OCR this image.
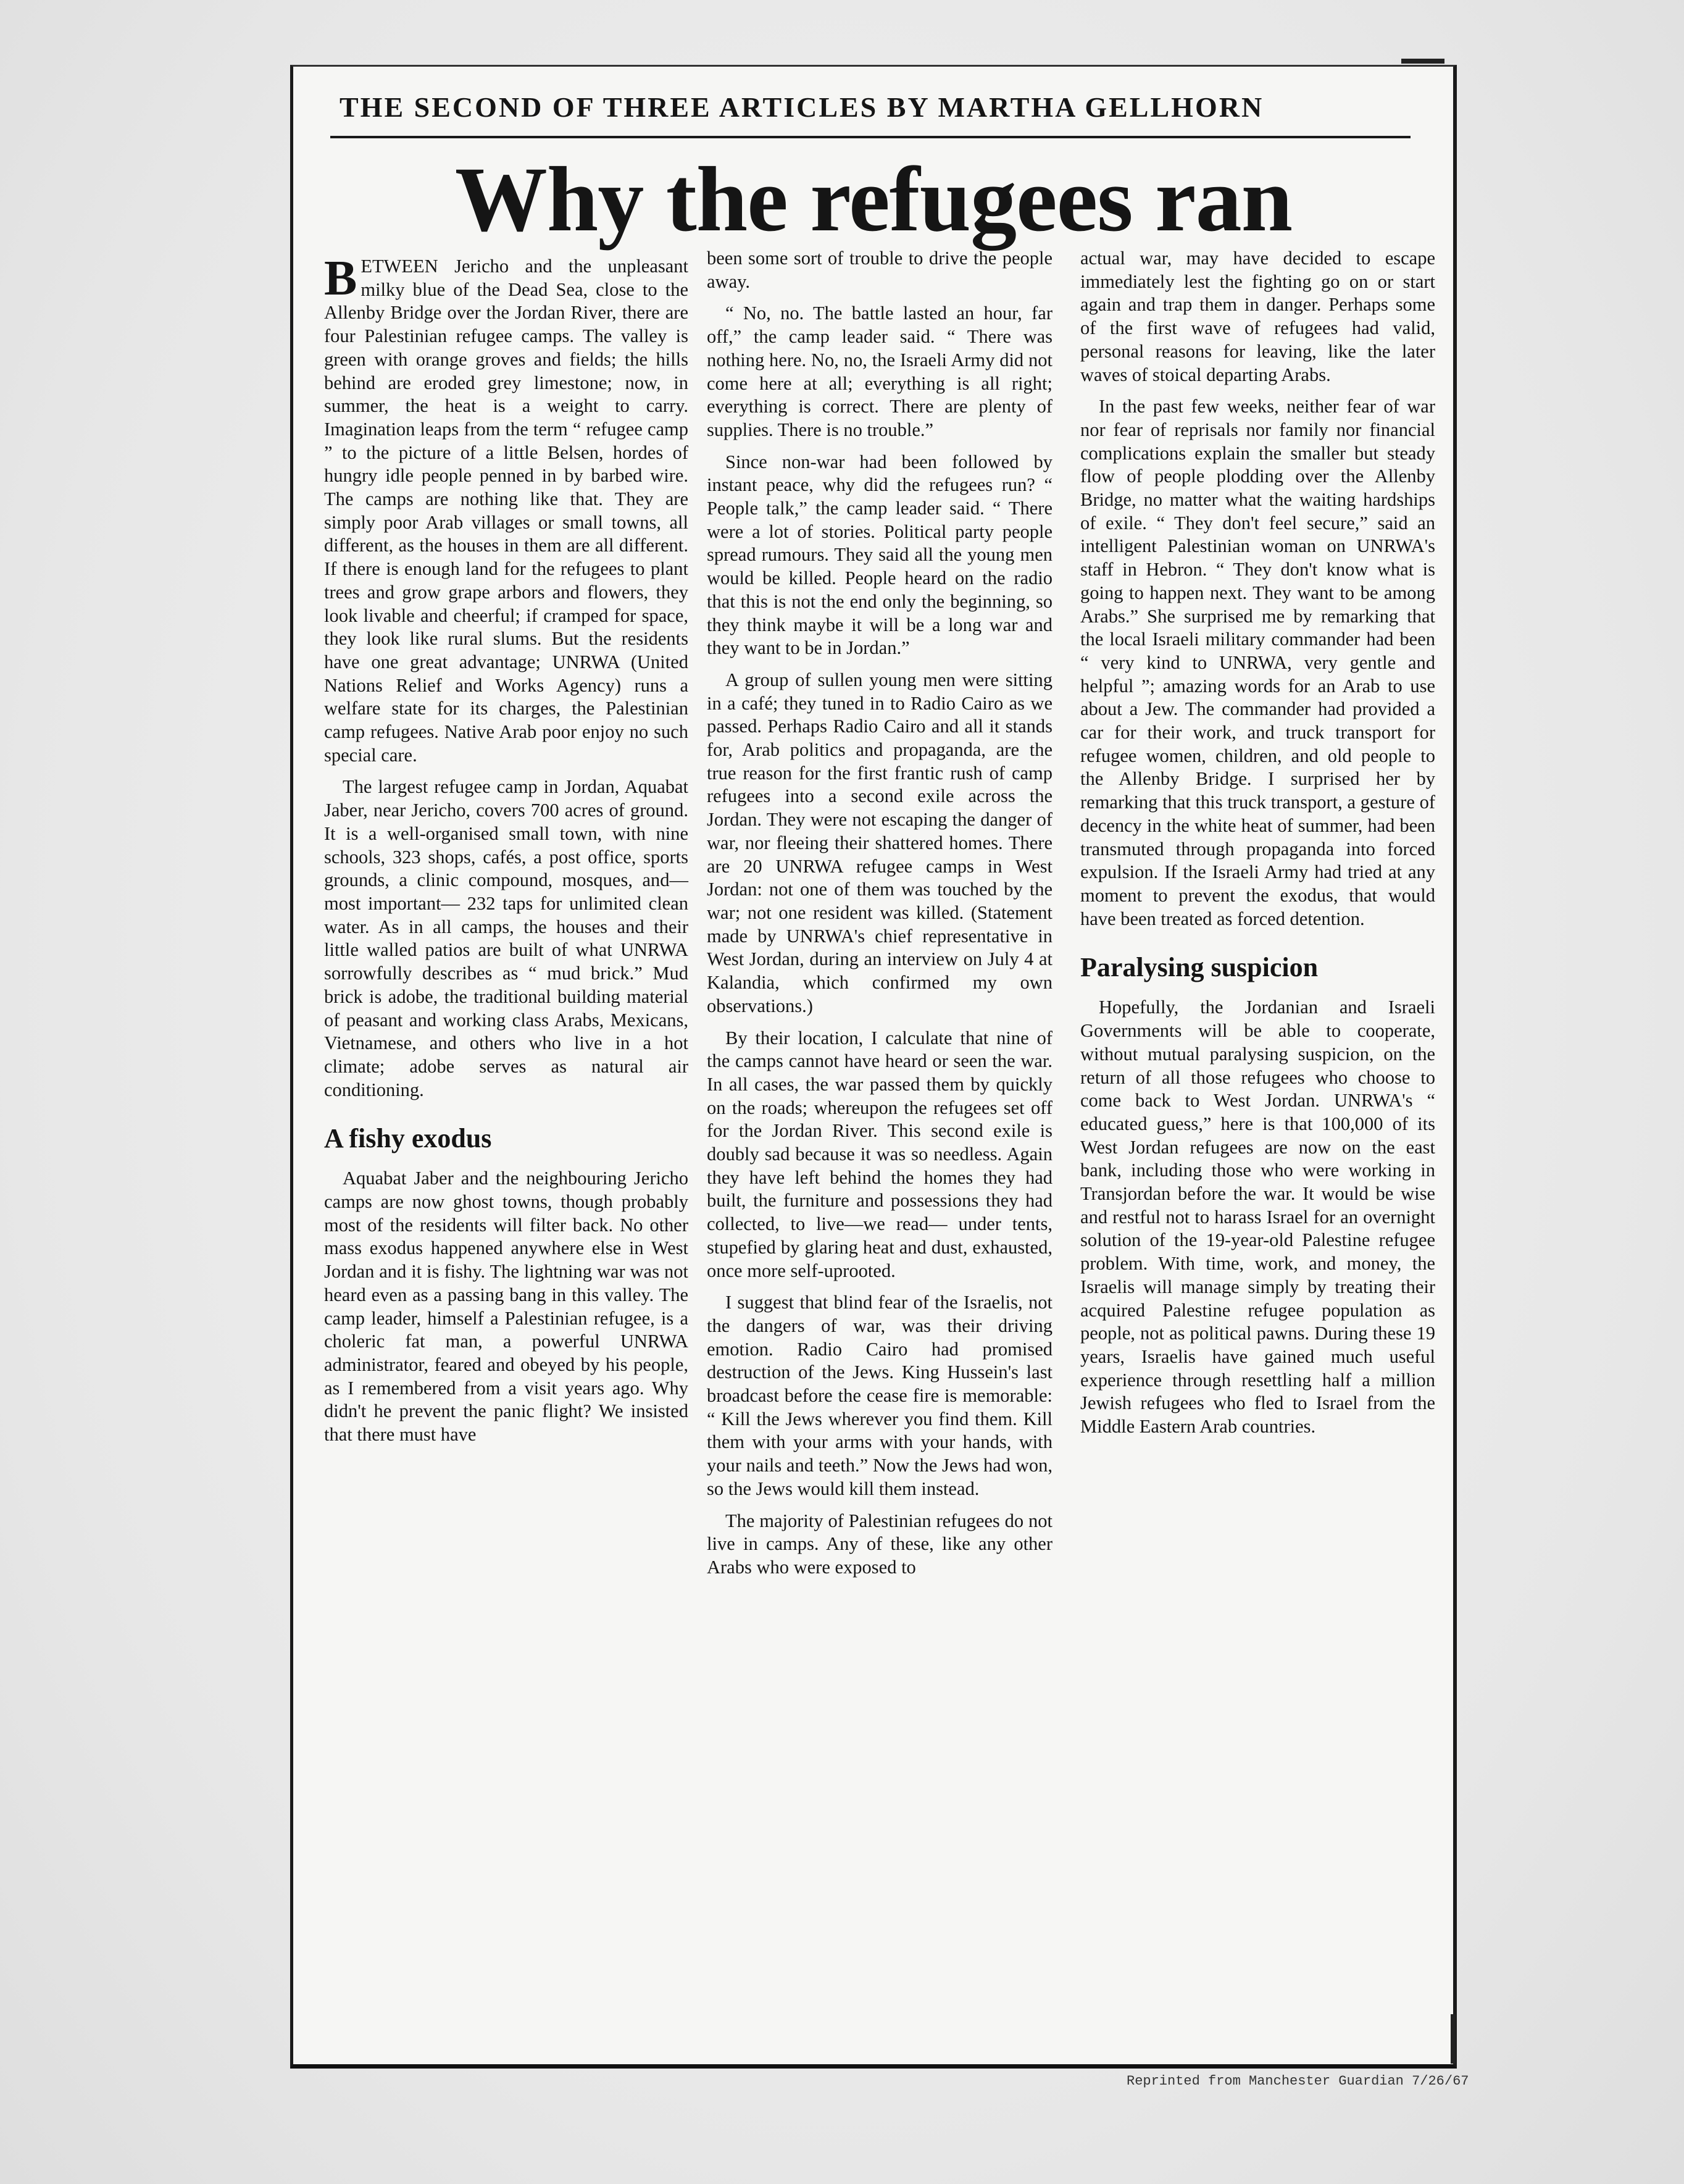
THE SECOND OF THREE ARTICLES BY MARTHA GELLHORN
Why the refugees ran

BETWEEN Jericho and the unpleasant milky blue of the Dead Sea, close to the Allenby Bridge over the Jordan River, there are four Palestinian refugee camps. The valley is green with orange groves and fields; the hills behind are eroded grey limestone; now, in summer, the heat is a weight to carry. Imagination leaps from the term “ refugee camp ” to the picture of a little Belsen, hordes of hungry idle people penned in by barbed wire. The camps are nothing like that. They are simply poor Arab villages or small towns, all different, as the houses in them are all different. If there is enough land for the refugees to plant trees and grow grape arbors and flowers, they look livable and cheerful; if cramped for space, they look like rural slums. But the residents have one great advantage; UNRWA (United Nations Relief and Works Agency) runs a welfare state for its charges, the Palestinian camp refugees. Native Arab poor enjoy no such special care.

The largest refugee camp in Jordan, Aquabat Jaber, near Jericho, covers 700 acres of ground. It is a well-organised small town, with nine schools, 323 shops, cafés, a post office, sports grounds, a clinic compound, mosques, and—most important— 232 taps for unlimited clean water. As in all camps, the houses and their little walled patios are built of what UNRWA sorrowfully describes as “ mud brick.” Mud brick is adobe, the traditional building material of peasant and working class Arabs, Mexicans, Vietnamese, and others who live in a hot climate; adobe serves as natural air conditioning.

A fishy exodus

Aquabat Jaber and the neighbouring Jericho camps are now ghost towns, though probably most of the residents will filter back. No other mass exodus happened anywhere else in West Jordan and it is fishy. The lightning war was not heard even as a passing bang in this valley. The camp leader, himself a Palestinian refugee, is a choleric fat man, a powerful UNRWA administrator, feared and obeyed by his people, as I remembered from a visit years ago. Why didn't he prevent the panic flight? We insisted that there must have

been some sort of trouble to drive the people away.

“ No, no. The battle lasted an hour, far off,” the camp leader said. “ There was nothing here. No, no, the Israeli Army did not come here at all; everything is all right; everything is correct. There are plenty of supplies. There is no trouble.”

Since non-war had been followed by instant peace, why did the refugees run? “ People talk,” the camp leader said. “ There were a lot of stories. Political party people spread rumours. They said all the young men would be killed. People heard on the radio that this is not the end only the beginning, so they think maybe it will be a long war and they want to be in Jordan.”

A group of sullen young men were sitting in a café; they tuned in to Radio Cairo as we passed. Perhaps Radio Cairo and all it stands for, Arab politics and propaganda, are the true reason for the first frantic rush of camp refugees into a second exile across the Jordan. They were not escaping the danger of war, nor fleeing their shattered homes. There are 20 UNRWA refugee camps in West Jordan: not one of them was touched by the war; not one resident was killed. (Statement made by UNRWA's chief representative in West Jordan, during an interview on July 4 at Kalandia, which confirmed my own observations.)

By their location, I calculate that nine of the camps cannot have heard or seen the war. In all cases, the war passed them by quickly on the roads; whereupon the refugees set off for the Jordan River. This second exile is doubly sad because it was so needless. Again they have left behind the homes they had built, the furniture and possessions they had collected, to live—we read— under tents, stupefied by glaring heat and dust, exhausted, once more self-uprooted.

I suggest that blind fear of the Israelis, not the dangers of war, was their driving emotion. Radio Cairo had promised destruction of the Jews. King Hussein's last broadcast before the cease fire is memorable: “ Kill the Jews wherever you find them. Kill them with your arms with your hands, with your nails and teeth.” Now the Jews had won, so the Jews would kill them instead.

The majority of Palestinian refugees do not live in camps. Any of these, like any other Arabs who were exposed to

actual war, may have decided to escape immediately lest the fighting go on or start again and trap them in danger. Perhaps some of the first wave of refugees had valid, personal reasons for leaving, like the later waves of stoical departing Arabs.

In the past few weeks, neither fear of war nor fear of reprisals nor family nor financial complications explain the smaller but steady flow of people plodding over the Allenby Bridge, no matter what the waiting hardships of exile. “ They don't feel secure,” said an intelligent Palestinian woman on UNRWA's staff in Hebron. “ They don't know what is going to happen next. They want to be among Arabs.” She surprised me by remarking that the local Israeli military commander had been “ very kind to UNRWA, very gentle and helpful ”; amazing words for an Arab to use about a Jew. The commander had provided a car for their work, and truck transport for refugee women, children, and old people to the Allenby Bridge. I surprised her by remarking that this truck transport, a gesture of decency in the white heat of summer, had been transmuted through propaganda into forced expulsion. If the Israeli Army had tried at any moment to prevent the exodus, that would have been treated as forced detention.

Paralysing suspicion

Hopefully, the Jordanian and Israeli Governments will be able to cooperate, without mutual paralysing suspicion, on the return of all those refugees who choose to come back to West Jordan. UNRWA's “ educated guess,” here is that 100,000 of its West Jordan refugees are now on the east bank, including those who were working in Transjordan before the war. It would be wise and restful not to harass Israel for an overnight solution of the 19-year-old Palestine refugee problem. With time, work, and money, the Israelis will manage simply by treating their acquired Palestine refugee population as people, not as political pawns. During these 19 years, Israelis have gained much useful experience through resettling half a million Jewish refugees who fled to Israel from the Middle Eastern Arab countries.

Reprinted from Manchester Guardian 7/26/67
